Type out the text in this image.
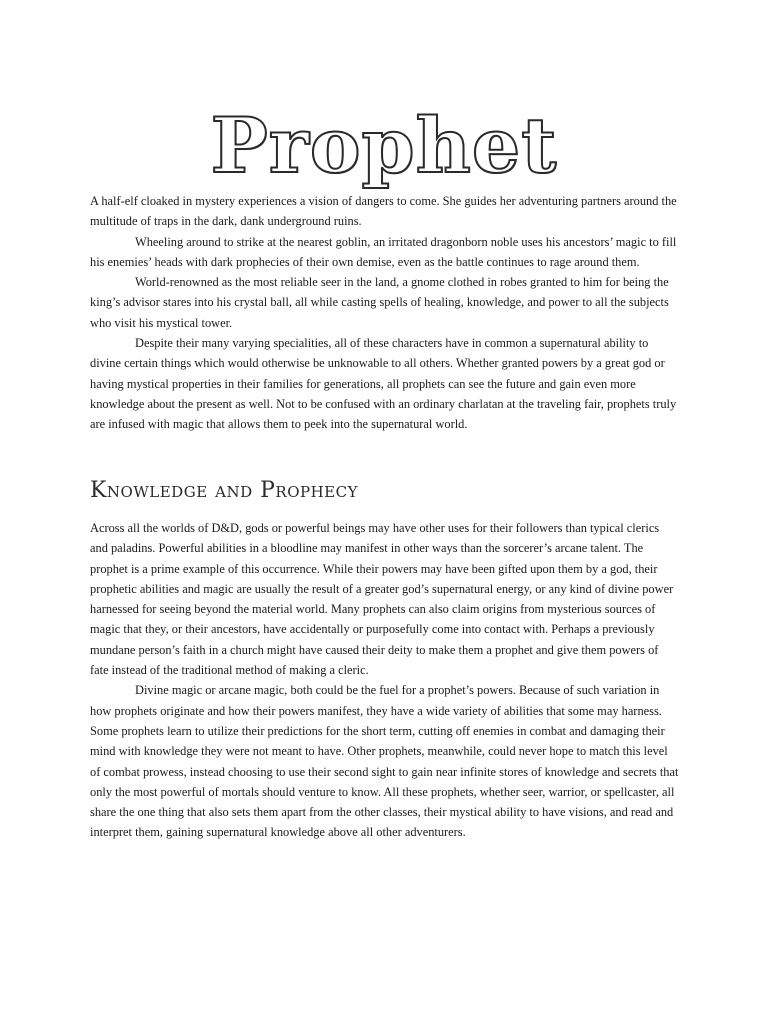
Prophet

A half-elf cloaked in mystery experiences a vision of dangers to come. She guides her adventuring partners around the multitude of traps in the dark, dank underground ruins.

Wheeling around to strike at the nearest goblin, an irritated dragonborn noble uses his ancestors’ magic to fill his enemies’ heads with dark prophecies of their own demise, even as the battle continues to rage around them.

World-renowned as the most reliable seer in the land, a gnome clothed in robes granted to him for being the king’s advisor stares into his crystal ball, all while casting spells of healing, knowledge, and power to all the subjects who visit his mystical tower.

Despite their many varying specialities, all of these characters have in common a supernatural ability to divine certain things which would otherwise be unknowable to all others. Whether granted powers by a great god or having mystical properties in their families for generations, all prophets can see the future and gain even more knowledge about the present as well. Not to be confused with an ordinary charlatan at the traveling fair, prophets truly are infused with magic that allows them to peek into the supernatural world.

Knowledge and Prophecy

Across all the worlds of D&D, gods or powerful beings may have other uses for their followers than typical clerics and paladins. Powerful abilities in a bloodline may manifest in other ways than the sorcerer’s arcane talent. The prophet is a prime example of this occurrence. While their powers may have been gifted upon them by a god, their prophetic abilities and magic are usually the result of a greater god’s supernatural energy, or any kind of divine power harnessed for seeing beyond the material world. Many prophets can also claim origins from mysterious sources of magic that they, or their ancestors, have accidentally or purposefully come into contact with. Perhaps a previously mundane person’s faith in a church might have caused their deity to make them a prophet and give them powers of fate instead of the traditional method of making a cleric.

Divine magic or arcane magic, both could be the fuel for a prophet’s powers. Because of such variation in how prophets originate and how their powers manifest, they have a wide variety of abilities that some may harness. Some prophets learn to utilize their predictions for the short term, cutting off enemies in combat and damaging their mind with knowledge they were not meant to have. Other prophets, meanwhile, could never hope to match this level of combat prowess, instead choosing to use their second sight to gain near infinite stores of knowledge and secrets that only the most powerful of mortals should venture to know. All these prophets, whether seer, warrior, or spellcaster, all share the one thing that also sets them apart from the other classes, their mystical ability to have visions, and read and interpret them, gaining supernatural knowledge above all other adventurers.
